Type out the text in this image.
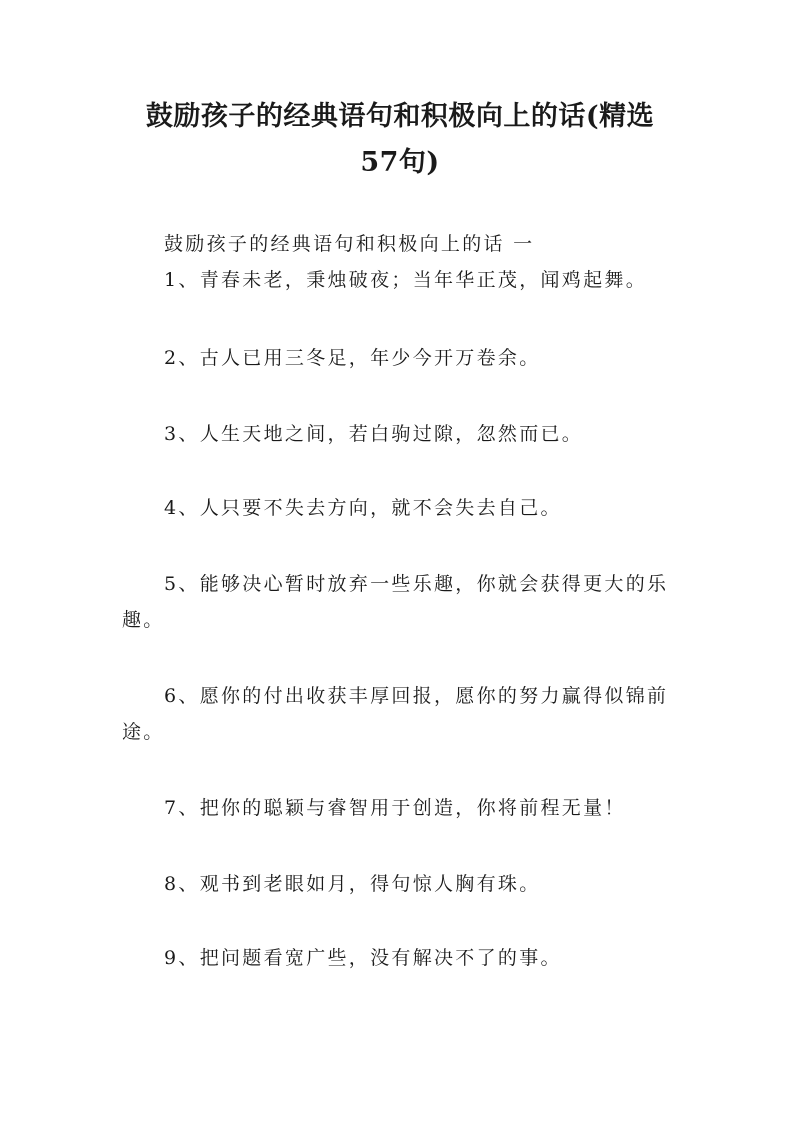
鼓励孩子的经典语句和积极向上的话(精选
57句)
鼓励孩子的经典语句和积极向上的话 一
1、青春未老，秉烛破夜；当年华正茂，闻鸡起舞。
2、古人已用三冬足，年少今开万卷余。
3、人生天地之间，若白驹过隙，忽然而已。
4、人只要不失去方向，就不会失去自己。
5、能够决心暂时放弃一些乐趣，你就会获得更大的乐趣。
6、愿你的付出收获丰厚回报，愿你的努力赢得似锦前途。
7、把你的聪颖与睿智用于创造，你将前程无量！
8、观书到老眼如月，得句惊人胸有珠。
9、把问题看宽广些，没有解决不了的事。
